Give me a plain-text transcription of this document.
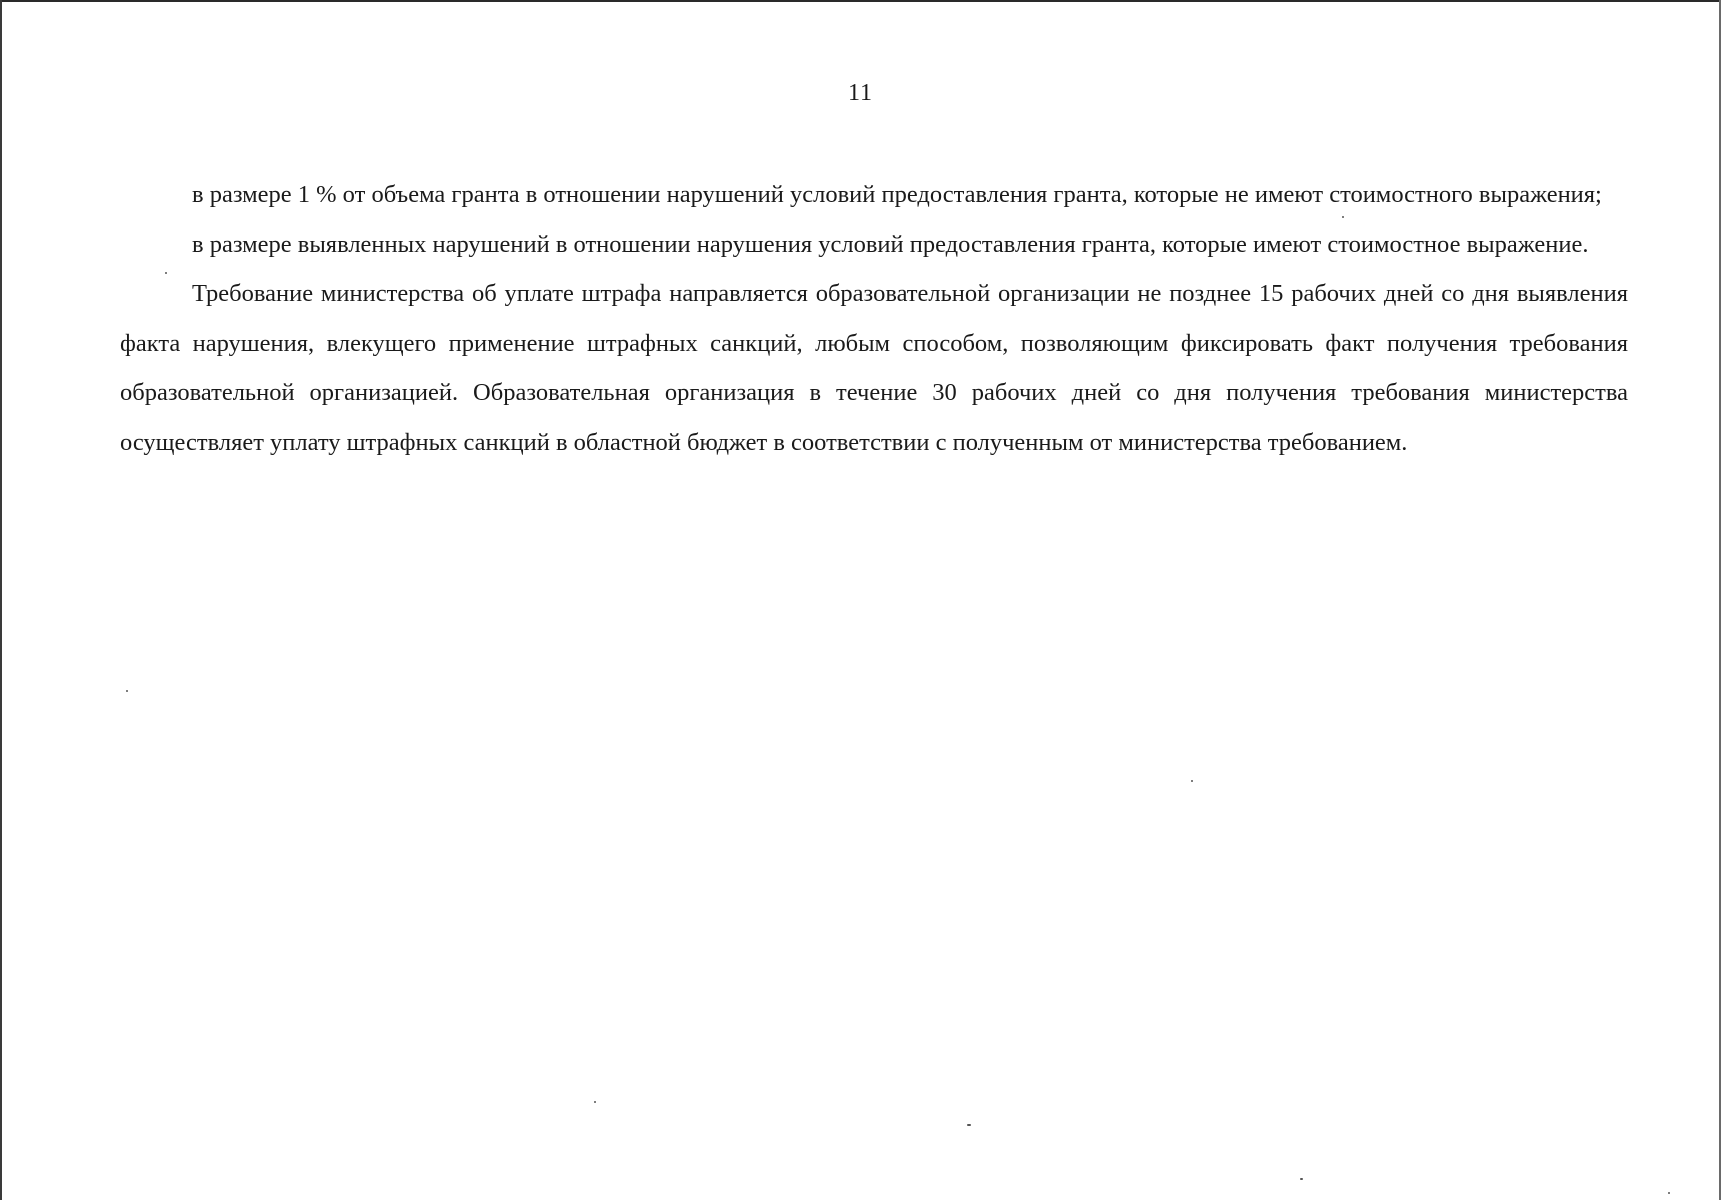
11

в размере 1 % от объема гранта в отношении нарушений условий предоставления гранта, которые не имеют стоимостного выражения;

в размере выявленных нарушений в отношении нарушения условий предоставления гранта, которые имеют стоимостное выражение.

Требование министерства об уплате штрафа направляется образовательной организации не позднее 15 рабочих дней со дня выявления факта нарушения, влекущего применение штрафных санкций, любым способом, позволяющим фиксировать факт получения требования образовательной организацией. Образовательная организация в течение 30 рабочих дней со дня получения требования министерства осуществляет уплату штрафных санкций в областной бюджет в соответствии с полученным от министерства требованием.
